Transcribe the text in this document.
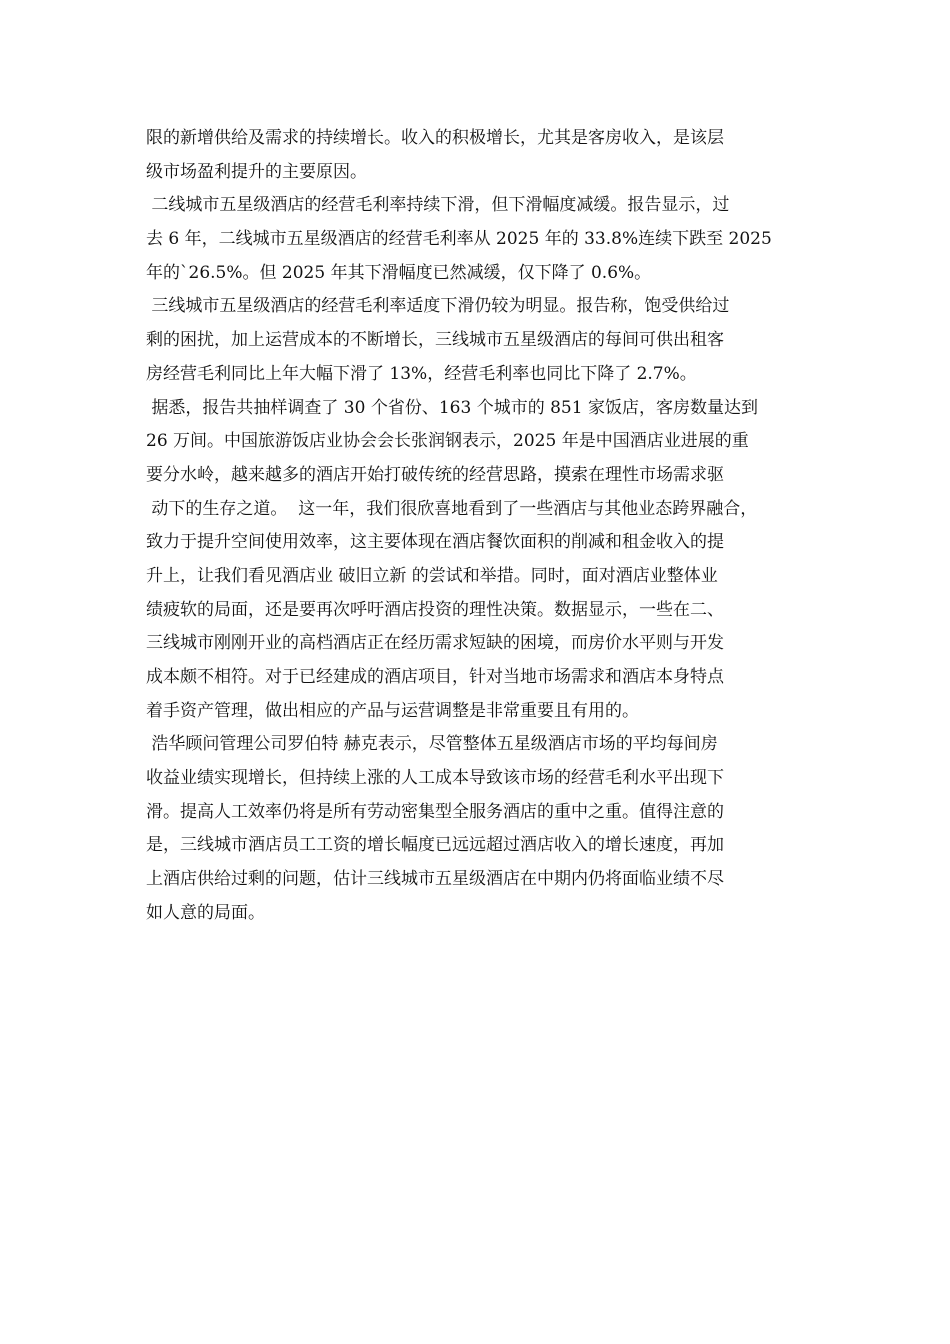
限的新增供给及需求的持续增长。收入的积极增长，尤其是客房收入，是该层
级市场盈利提升的主要原因。
二线城市五星级酒店的经营毛利率持续下滑，但下滑幅度减缓。报告显示，过
去 6 年，二线城市五星级酒店的经营毛利率从 2025 年的 33.8%连续下跌至 2025
年的`26.5%。但 2025 年其下滑幅度已然减缓，仅下降了 0.6%。
三线城市五星级酒店的经营毛利率适度下滑仍较为明显。报告称，饱受供给过
剩的困扰，加上运营成本的不断增长，三线城市五星级酒店的每间可供出租客
房经营毛利同比上年大幅下滑了 13%，经营毛利率也同比下降了 2.7%。
据悉，报告共抽样调查了 30 个省份、163 个城市的 851 家饭店，客房数量达到
26 万间。中国旅游饭店业协会会长张润钢表示，2025 年是中国酒店业进展的重
要分水岭，越来越多的酒店开始打破传统的经营思路，摸索在理性市场需求驱
动下的生存之道。  这一年，我们很欣喜地看到了一些酒店与其他业态跨界融合，
致力于提升空间使用效率，这主要体现在酒店餐饮面积的削减和租金收入的提
升上，让我们看见酒店业 破旧立新 的尝试和举措。同时，面对酒店业整体业
绩疲软的局面，还是要再次呼吁酒店投资的理性决策。数据显示，一些在二、
三线城市刚刚开业的高档酒店正在经历需求短缺的困境，而房价水平则与开发
成本颇不相符。对于已经建成的酒店项目，针对当地市场需求和酒店本身特点
着手资产管理，做出相应的产品与运营调整是非常重要且有用的。
浩华顾问管理公司罗伯特 赫克表示，尽管整体五星级酒店市场的平均每间房
收益业绩实现增长，但持续上涨的人工成本导致该市场的经营毛利水平出现下
滑。提高人工效率仍将是所有劳动密集型全服务酒店的重中之重。值得注意的
是，三线城市酒店员工工资的增长幅度已远远超过酒店收入的增长速度，再加
上酒店供给过剩的问题，估计三线城市五星级酒店在中期内仍将面临业绩不尽
如人意的局面。
